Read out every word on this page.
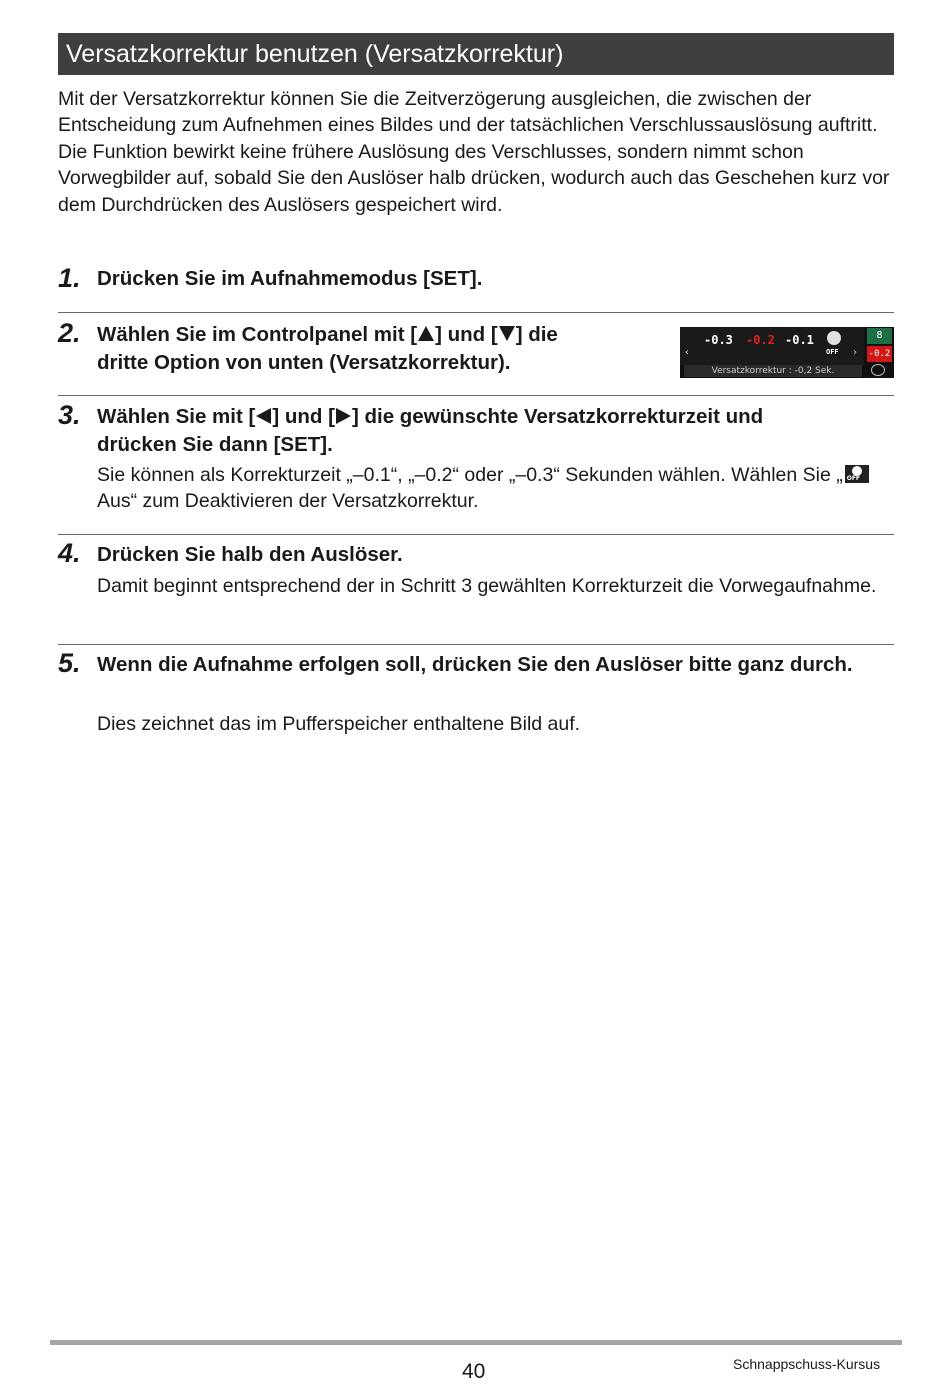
Versatzkorrektur benutzen (Versatzkorrektur)

Mit der Versatzkorrektur können Sie die Zeitverzögerung ausgleichen, die zwischen der Entscheidung zum Aufnehmen eines Bildes und der tatsächlichen Verschlussauslösung auftritt. Die Funktion bewirkt keine frühere Auslösung des Verschlusses, sondern nimmt schon Vorwegbilder auf, sobald Sie den Auslöser halb drücken, wodurch auch das Geschehen kurz vor dem Durchdrücken des Auslösers gespeichert wird.

1. Drücken Sie im Aufnahmemodus [SET].

2. Wählen Sie im Controlpanel mit [ ] und [ ] die
dritte Option von unten (Versatzkorrektur).

-0.3 -0.2 -0.1
OFF
‹	›
Versatzkorrektur : -0,2 Sek.
8
-0.2
3. Wählen Sie mit [ ] und [ ] die gewünschte Versatzkorrekturzeit und
drücken Sie dann [SET].

Sie können als Korrekturzeit „–0.1“, „–0.2“ oder „–0.3“ Sekunden wählen. Wählen Sie „ OFF
Aus“ zum Deaktivieren der Versatzkorrektur.

4. Drücken Sie halb den Auslöser.

Damit beginnt entsprechend der in Schritt 3 gewählten Korrekturzeit die Vorwegaufnahme.

5. Wenn die Aufnahme erfolgen soll, drücken Sie den Auslöser bitte ganz durch.

Dies zeichnet das im Pufferspeicher enthaltene Bild auf.

40	Schnappschuss-Kursus
